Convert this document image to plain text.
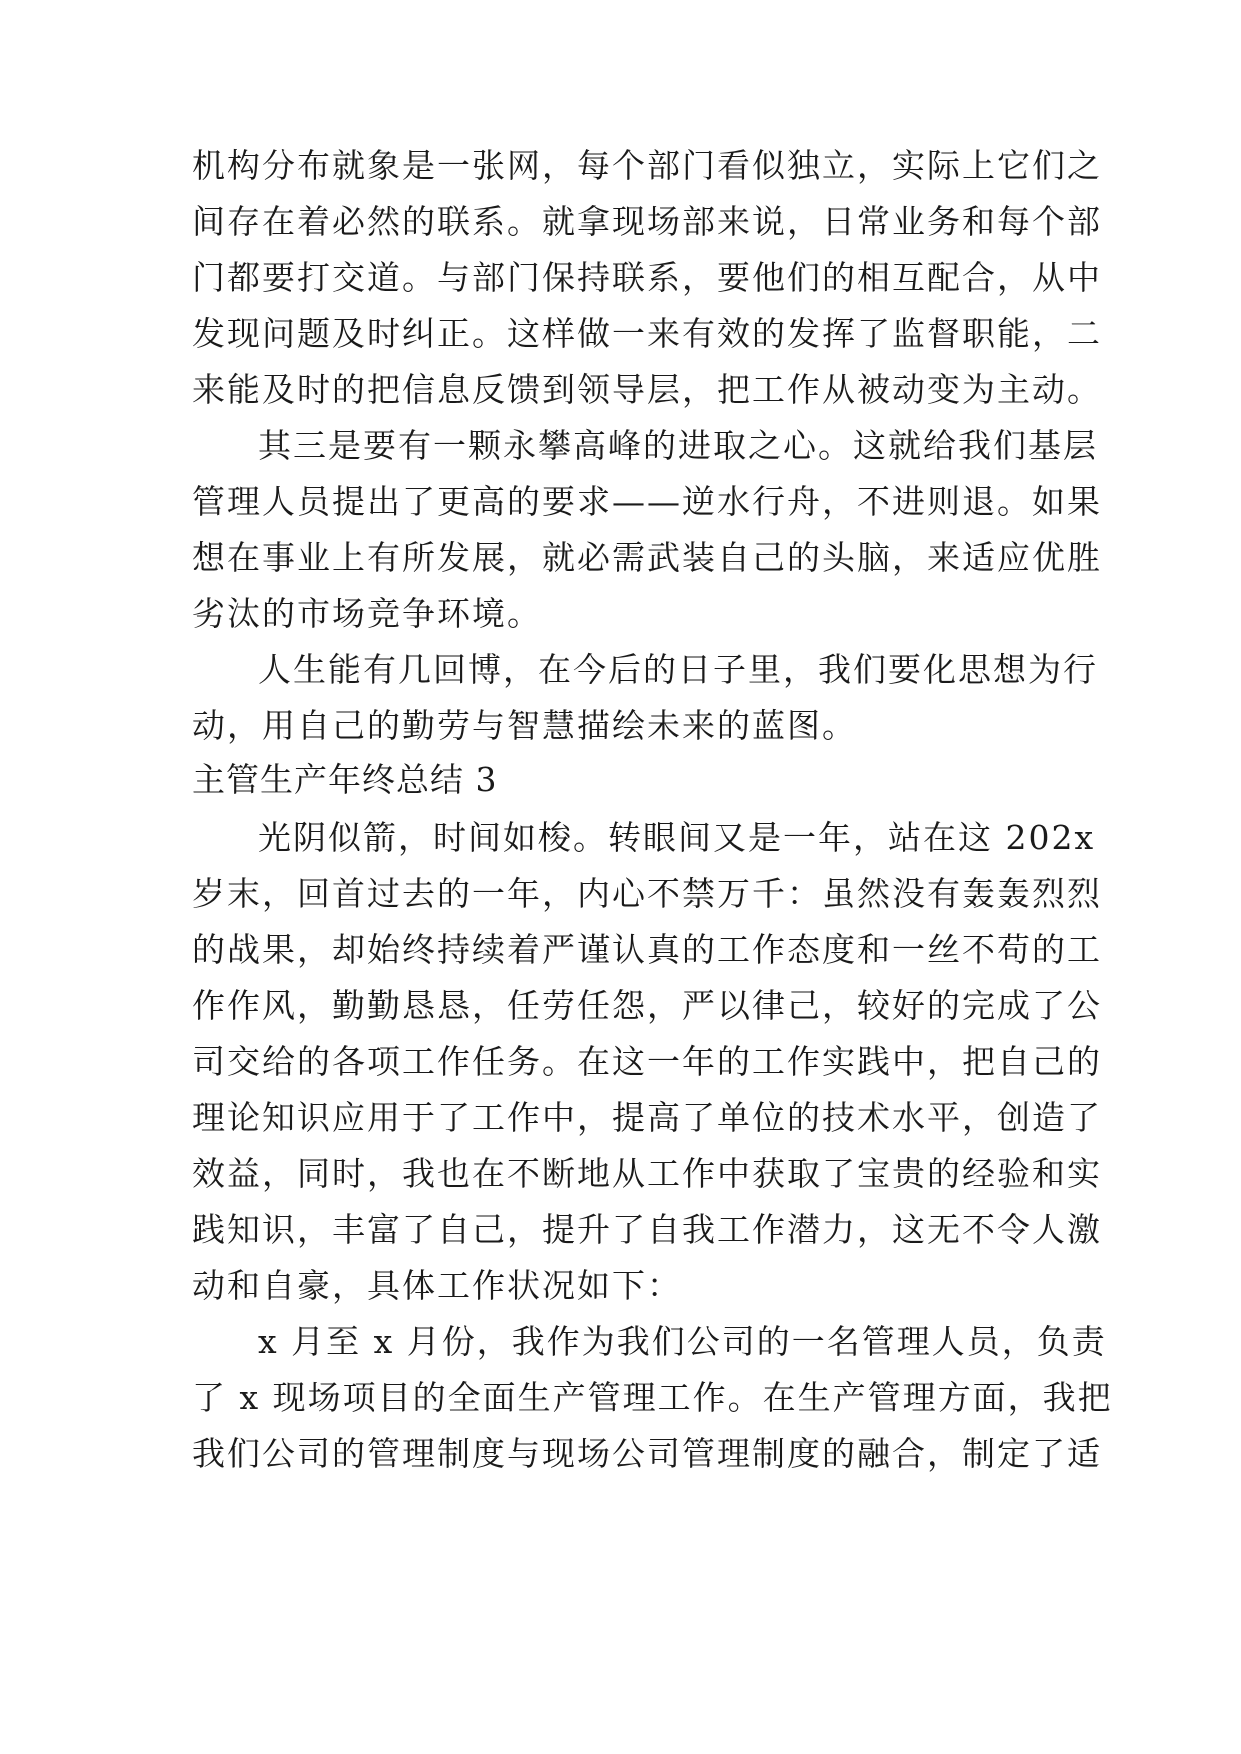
机构分布就象是一张网，每个部门看似独立，实际上它们之
间存在着必然的联系。就拿现场部来说，日常业务和每个部
门都要打交道。与部门保持联系，要他们的相互配合，从中
发现问题及时纠正。这样做一来有效的发挥了监督职能，二
来能及时的把信息反馈到领导层，把工作从被动变为主动。
其三是要有一颗永攀高峰的进取之心。这就给我们基层
管理人员提出了更高的要求——逆水行舟，不进则退。如果
想在事业上有所发展，就必需武装自己的头脑，来适应优胜
劣汰的市场竞争环境。
人生能有几回博，在今后的日子里，我们要化思想为行
动，用自己的勤劳与智慧描绘未来的蓝图。
主管生产年终总结 3
光阴似箭，时间如梭。转眼间又是一年，站在这 202x
岁末，回首过去的一年，内心不禁万千：虽然没有轰轰烈烈
的战果，却始终持续着严谨认真的工作态度和一丝不苟的工
作作风，勤勤恳恳，任劳任怨，严以律己，较好的完成了公
司交给的各项工作任务。在这一年的工作实践中，把自己的
理论知识应用于了工作中，提高了单位的技术水平，创造了
效益，同时，我也在不断地从工作中获取了宝贵的经验和实
践知识，丰富了自己，提升了自我工作潜力，这无不令人激
动和自豪，具体工作状况如下：
x 月至 x 月份，我作为我们公司的一名管理人员，负责
了 x 现场项目的全面生产管理工作。在生产管理方面，我把
我们公司的管理制度与现场公司管理制度的融合，制定了适
